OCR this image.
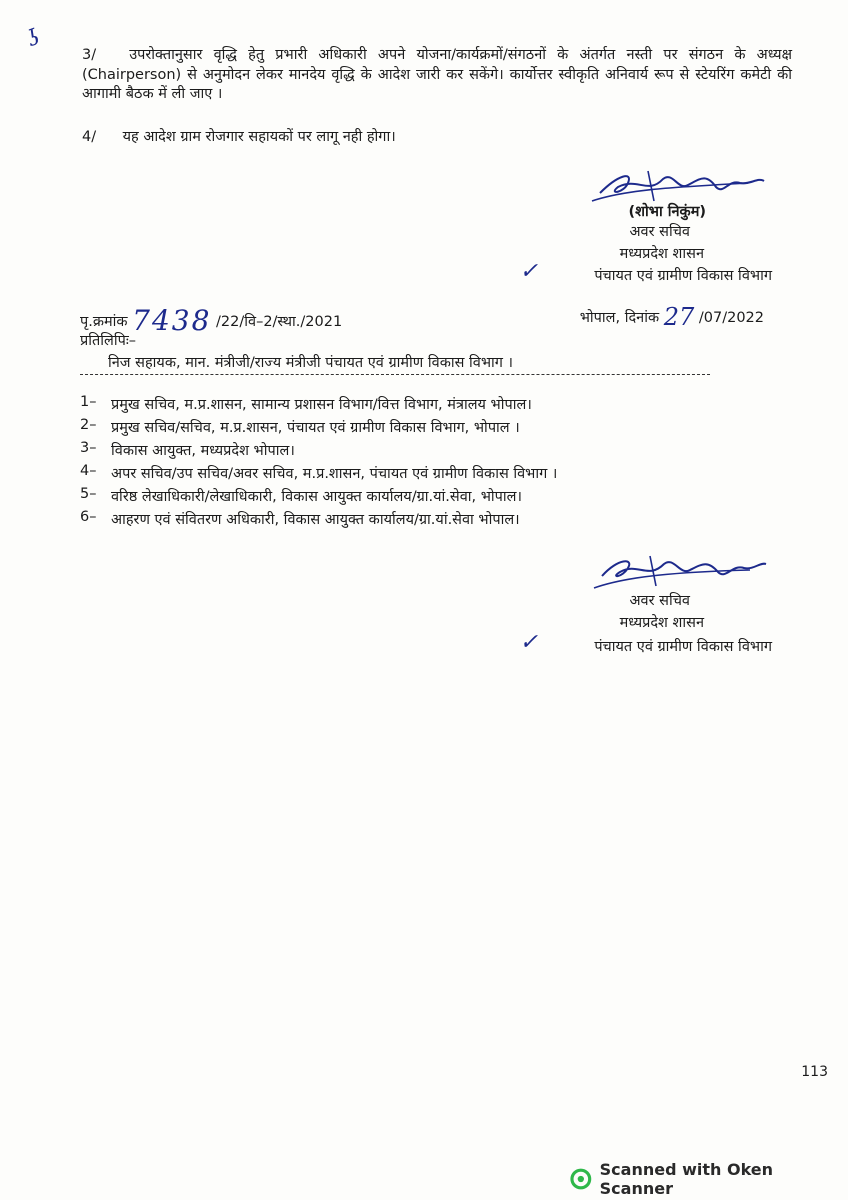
ʖ
3/ उपरोक्तानुसार वृद्धि हेतु प्रभारी अधिकारी अपने योजना/कार्यक्रमों/संगठनों के अंतर्गत नस्ती पर संगठन के अध्यक्ष (Chairperson) से अनुमोदन लेकर मानदेय वृद्धि के आदेश जारी कर सकेंगे। कार्योत्तर स्वीकृति अनिवार्य रूप से स्टेयरिंग कमेटी की आगामी बैठक में ली जाए ।
4/ यह आदेश ग्राम रोजगार सहायकों पर लागू नही होगा।
(शोभा निकुंम)
अवर सचिव
मध्यप्रदेश शासन
पंचायत एवं ग्रामीण विकास विभाग
✓
पृ.क्रमांक 7438 /22/वि–2/स्था./2021	भोपाल, दिनांक 27 /07/2022
प्रतिलिपिः–
निज सहायक, मान. मंत्रीजी/राज्य मंत्रीजी पंचायत एवं ग्रामीण विकास विभाग ।
1– प्रमुख सचिव, म.प्र.शासन, सामान्य प्रशासन विभाग/वित्त विभाग, मंत्रालय भोपाल।
2– प्रमुख सचिव/सचिव, म.प्र.शासन, पंचायत एवं ग्रामीण विकास विभाग, भोपाल ।
3– विकास आयुक्त, मध्यप्रदेश भोपाल।
4– अपर सचिव/उप सचिव/अवर सचिव, म.प्र.शासन, पंचायत एवं ग्रामीण विकास विभाग ।
5– वरिष्ठ लेखाधिकारी/लेखाधिकारी, विकास आयुक्त कार्यालय/ग्रा.यां.सेवा, भोपाल।
6– आहरण एवं संवितरण अधिकारी, विकास आयुक्त कार्यालय/ग्रा.यां.सेवा भोपाल।
अवर सचिव
मध्यप्रदेश शासन
पंचायत एवं ग्रामीण विकास विभाग
✓
113
Scanned with Oken Scanner
